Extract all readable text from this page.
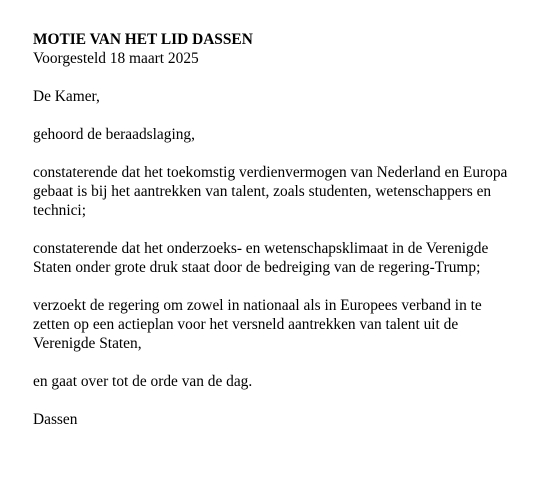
MOTIE VAN HET LID DASSEN

Voorgesteld 18 maart 2025

De Kamer,

gehoord de beraadslaging,

constaterende dat het toekomstig verdienvermogen van Nederland en Europa

gebaat is bij het aantrekken van talent, zoals studenten, wetenschappers en

technici;

constaterende dat het onderzoeks- en wetenschapsklimaat in de Verenigde

Staten onder grote druk staat door de bedreiging van de regering-Trump;

verzoekt de regering om zowel in nationaal als in Europees verband in te

zetten op een actieplan voor het versneld aantrekken van talent uit de

Verenigde Staten,

en gaat over tot de orde van de dag.

Dassen
